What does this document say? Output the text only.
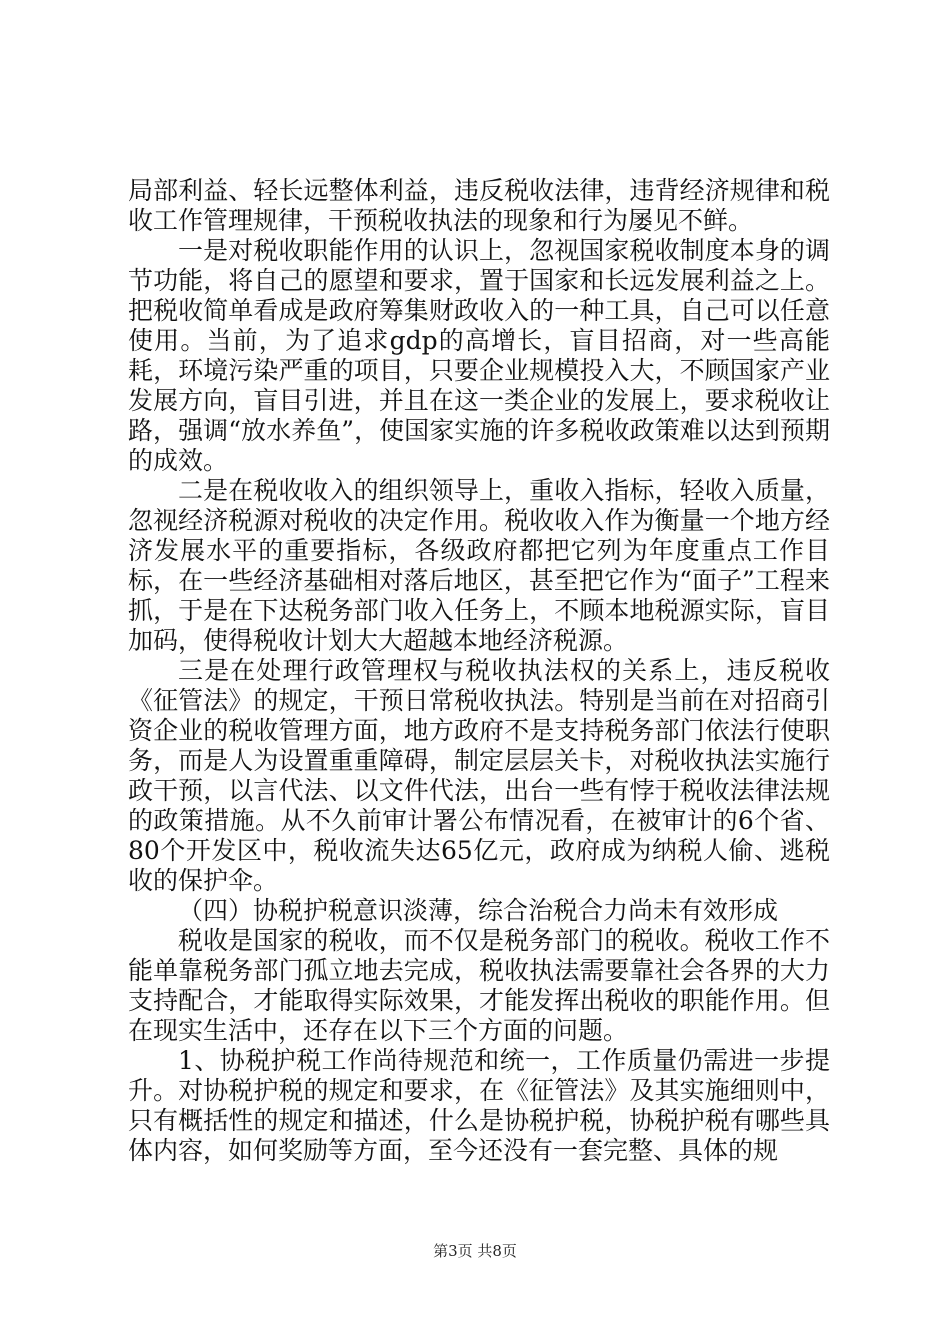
局部利益、轻长远整体利益，违反税收法律，违背经济规律和税收工作管理规律，干预税收执法的现象和行为屡见不鲜。

一是对税收职能作用的认识上，忽视国家税收制度本身的调节功能，将自己的愿望和要求，置于国家和长远发展利益之上。把税收简单看成是政府筹集财政收入的一种工具，自己可以任意使用。当前，为了追求gdp的高增长，盲目招商，对一些高能耗，环境污染严重的项目，只要企业规模投入大，不顾国家产业发展方向，盲目引进，并且在这一类企业的发展上，要求税收让路，强调“放水养鱼”，使国家实施的许多税收政策难以达到预期的成效。

二是在税收收入的组织领导上，重收入指标，轻收入质量，忽视经济税源对税收的决定作用。税收收入作为衡量一个地方经济发展水平的重要指标，各级政府都把它列为年度重点工作目标，在一些经济基础相对落后地区，甚至把它作为“面子”工程来抓，于是在下达税务部门收入任务上，不顾本地税源实际，盲目加码，使得税收计划大大超越本地经济税源。

三是在处理行政管理权与税收执法权的关系上，违反税收《征管法》的规定，干预日常税收执法。特别是当前在对招商引资企业的税收管理方面，地方政府不是支持税务部门依法行使职务，而是人为设置重重障碍，制定层层关卡，对税收执法实施行政干预，以言代法、以文件代法，出台一些有悖于税收法律法规的政策措施。从不久前审计署公布情况看，在被审计的6个省、80个开发区中，税收流失达65亿元，政府成为纳税人偷、逃税收的保护伞。

（四）协税护税意识淡薄，综合治税合力尚未有效形成

税收是国家的税收，而不仅是税务部门的税收。税收工作不能单靠税务部门孤立地去完成，税收执法需要靠社会各界的大力支持配合，才能取得实际效果，才能发挥出税收的职能作用。但在现实生活中，还存在以下三个方面的问题。

1、协税护税工作尚待规范和统一，工作质量仍需进一步提升。对协税护税的规定和要求，在《征管法》及其实施细则中，只有概括性的规定和描述，什么是协税护税，协税护税有哪些具体内容，如何奖励等方面，至今还没有一套完整、具体的规

第3页 共8页
